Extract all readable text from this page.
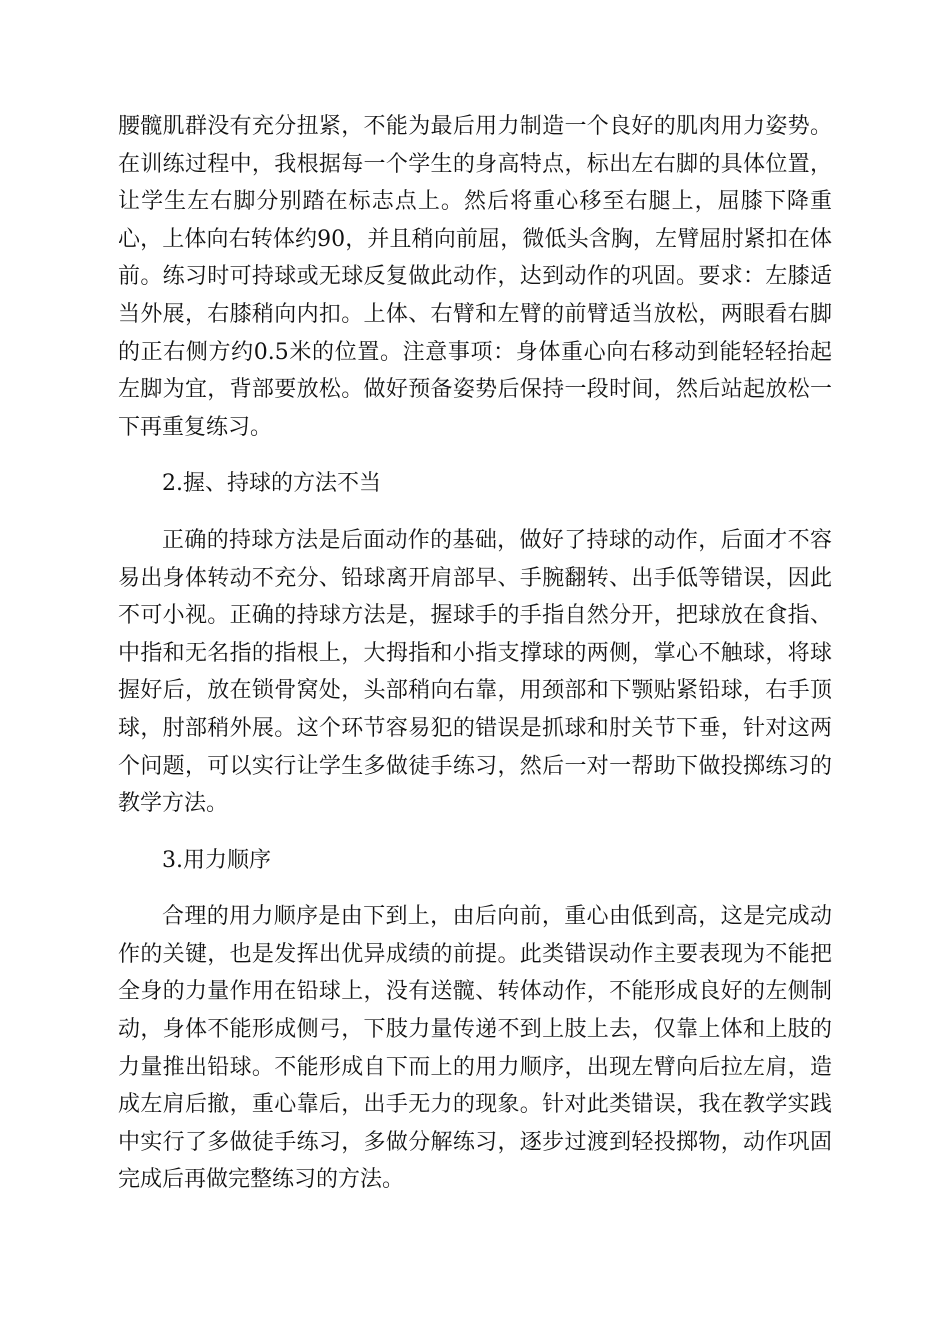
腰髋肌群没有充分扭紧，不能为最后用力制造一个良好的肌肉用力姿势。在训练过程中，我根据每一个学生的身高特点，标出左右脚的具体位置，让学生左右脚分别踏在标志点上。然后将重心移至右腿上，屈膝下降重心，上体向右转体约90，并且稍向前屈，微低头含胸，左臂屈肘紧扣在体前。练习时可持球或无球反复做此动作，达到动作的巩固。要求：左膝适当外展，右膝稍向内扣。上体、右臂和左臂的前臂适当放松，两眼看右脚的正右侧方约0.5米的位置。注意事项：身体重心向右移动到能轻轻抬起左脚为宜，背部要放松。做好预备姿势后保持一段时间，然后站起放松一下再重复练习。

2.握、持球的方法不当

正确的持球方法是后面动作的基础，做好了持球的动作，后面才不容易出身体转动不充分、铅球离开肩部早、手腕翻转、出手低等错误，因此不可小视。正确的持球方法是，握球手的手指自然分开，把球放在食指、中指和无名指的指根上，大拇指和小指支撑球的两侧，掌心不触球，将球握好后，放在锁骨窝处，头部稍向右靠，用颈部和下颚贴紧铅球，右手顶球，肘部稍外展。这个环节容易犯的错误是抓球和肘关节下垂，针对这两个问题，可以实行让学生多做徒手练习，然后一对一帮助下做投掷练习的教学方法。

3.用力顺序

合理的用力顺序是由下到上，由后向前，重心由低到高，这是完成动作的关键，也是发挥出优异成绩的前提。此类错误动作主要表现为不能把全身的力量作用在铅球上，没有送髋、转体动作，不能形成良好的左侧制动，身体不能形成侧弓，下肢力量传递不到上肢上去，仅靠上体和上肢的力量推出铅球。不能形成自下而上的用力顺序，出现左臂向后拉左肩，造成左肩后撤，重心靠后，出手无力的现象。针对此类错误，我在教学实践中实行了多做徒手练习，多做分解练习，逐步过渡到轻投掷物，动作巩固完成后再做完整练习的方法。
